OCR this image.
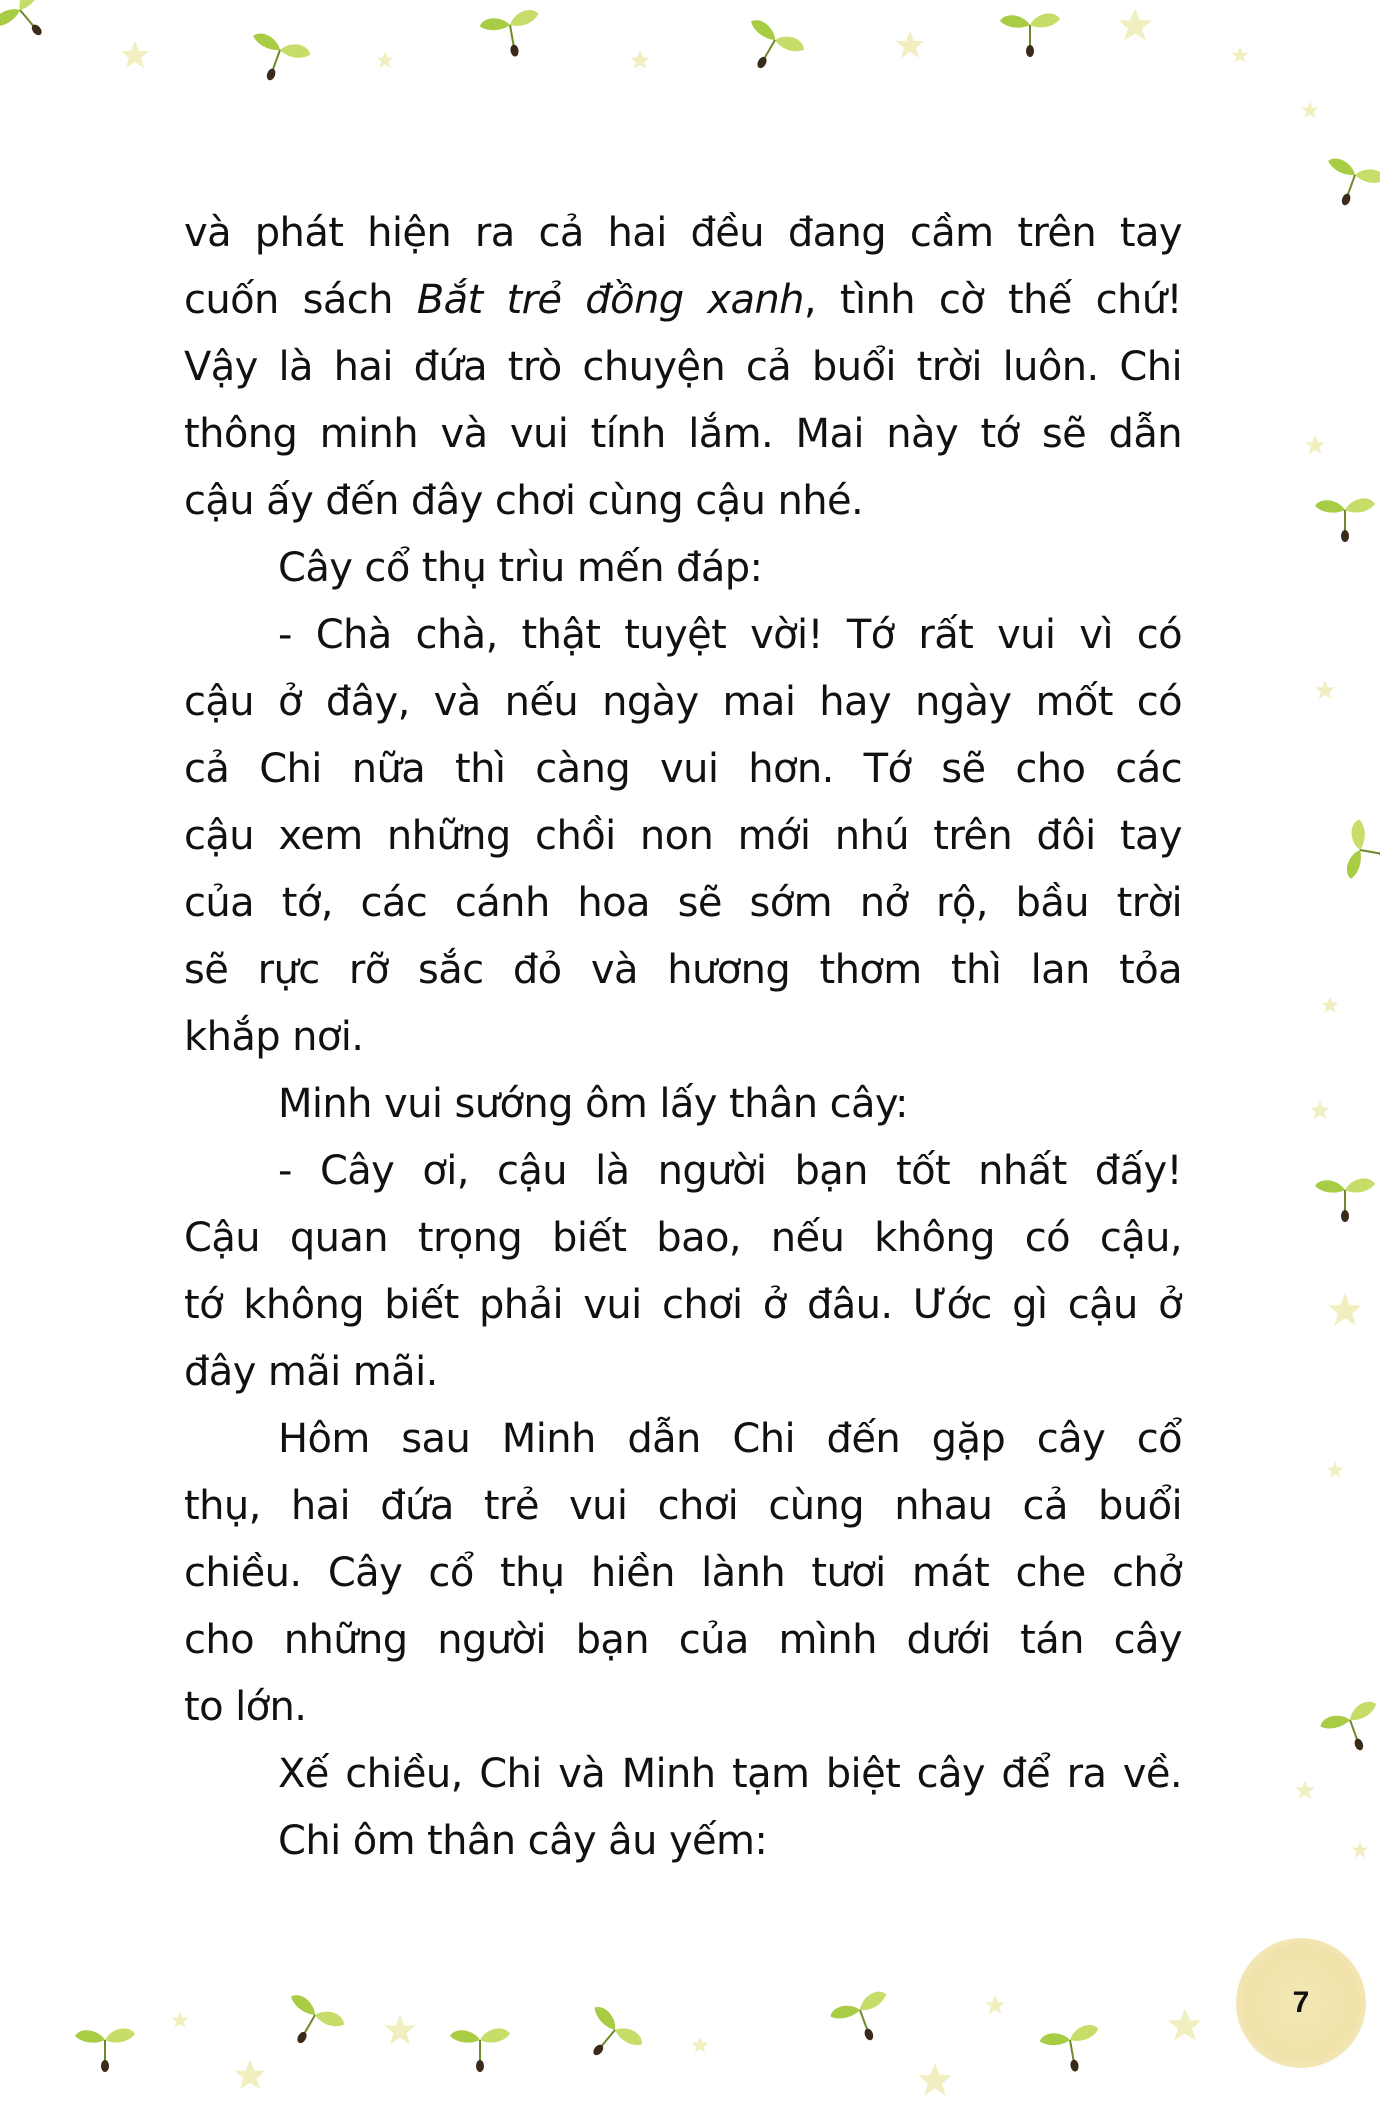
và phát hiện ra cả hai đều đang cầm trên tay
cuốn sách Bắt trẻ đồng xanh, tình cờ thế chứ!
Vậy là hai đứa trò chuyện cả buổi trời luôn. Chi
thông minh và vui tính lắm. Mai này tớ sẽ dẫn
cậu ấy đến đây chơi cùng cậu nhé.
Cây cổ thụ trìu mến đáp:
- Chà chà, thật tuyệt vời! Tớ rất vui vì có
cậu ở đây, và nếu ngày mai hay ngày mốt có
cả Chi nữa thì càng vui hơn. Tớ sẽ cho các
cậu xem những chồi non mới nhú trên đôi tay
của tớ, các cánh hoa sẽ sớm nở rộ, bầu trời
sẽ rực rỡ sắc đỏ và hương thơm thì lan tỏa
khắp nơi.
Minh vui sướng ôm lấy thân cây:
- Cây ơi, cậu là người bạn tốt nhất đấy!
Cậu quan trọng biết bao, nếu không có cậu,
tớ không biết phải vui chơi ở đâu. Ước gì cậu ở
đây mãi mãi.
Hôm sau Minh dẫn Chi đến gặp cây cổ
thụ, hai đứa trẻ vui chơi cùng nhau cả buổi
chiều. Cây cổ thụ hiền lành tươi mát che chở
cho những người bạn của mình dưới tán cây
to lớn.
Xế chiều, Chi và Minh tạm biệt cây để ra về.
Chi ôm thân cây âu yếm:
7
